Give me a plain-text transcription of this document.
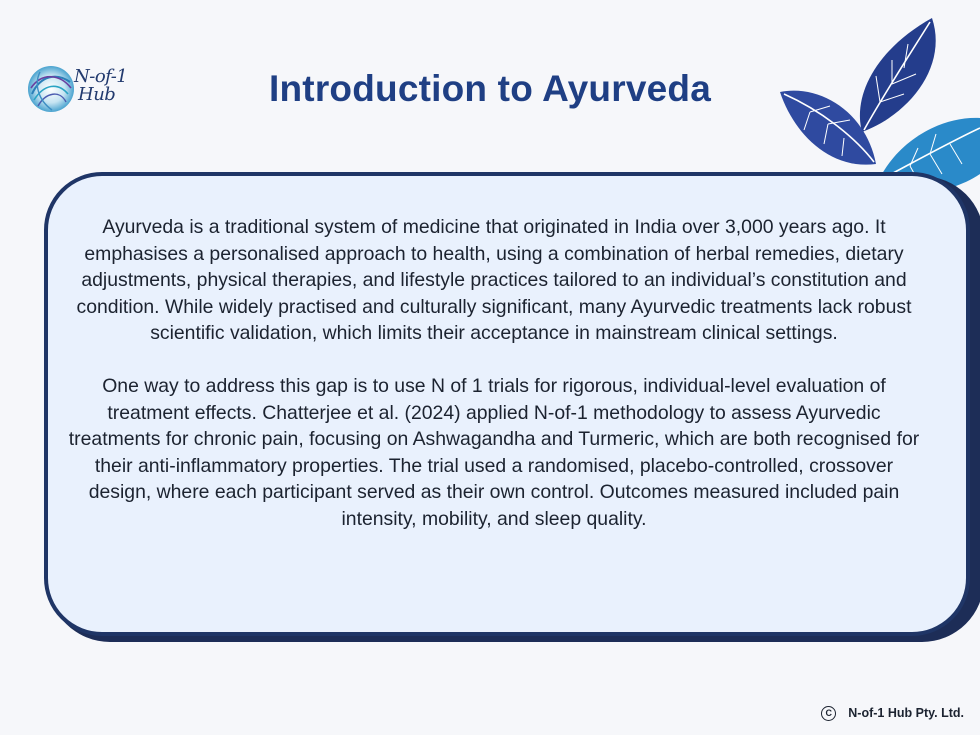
N-of-1
Hub	Introduction to Ayurveda

Ayurveda is a traditional system of medicine that originated in India over 3,000 years ago. It emphasises a personalised approach to health, using a combination of herbal remedies, dietary adjustments, physical therapies, and lifestyle practices tailored to an individual’s constitution and condition. While widely practised and culturally significant, many Ayurvedic treatments lack robust scientific validation, which limits their acceptance in mainstream clinical settings.

One way to address this gap is to use N of 1 trials for rigorous, individual-level evaluation of treatment effects. Chatterjee et al. (2024) applied N-of-1 methodology to assess Ayurvedic treatments for chronic pain, focusing on Ashwagandha and Turmeric, which are both recognised for their anti-inflammatory properties. The trial used a randomised, placebo-controlled, crossover design, where each participant served as their own control. Outcomes measured included pain intensity, mobility, and sleep quality.

C	N-of-1 Hub Pty. Ltd.
